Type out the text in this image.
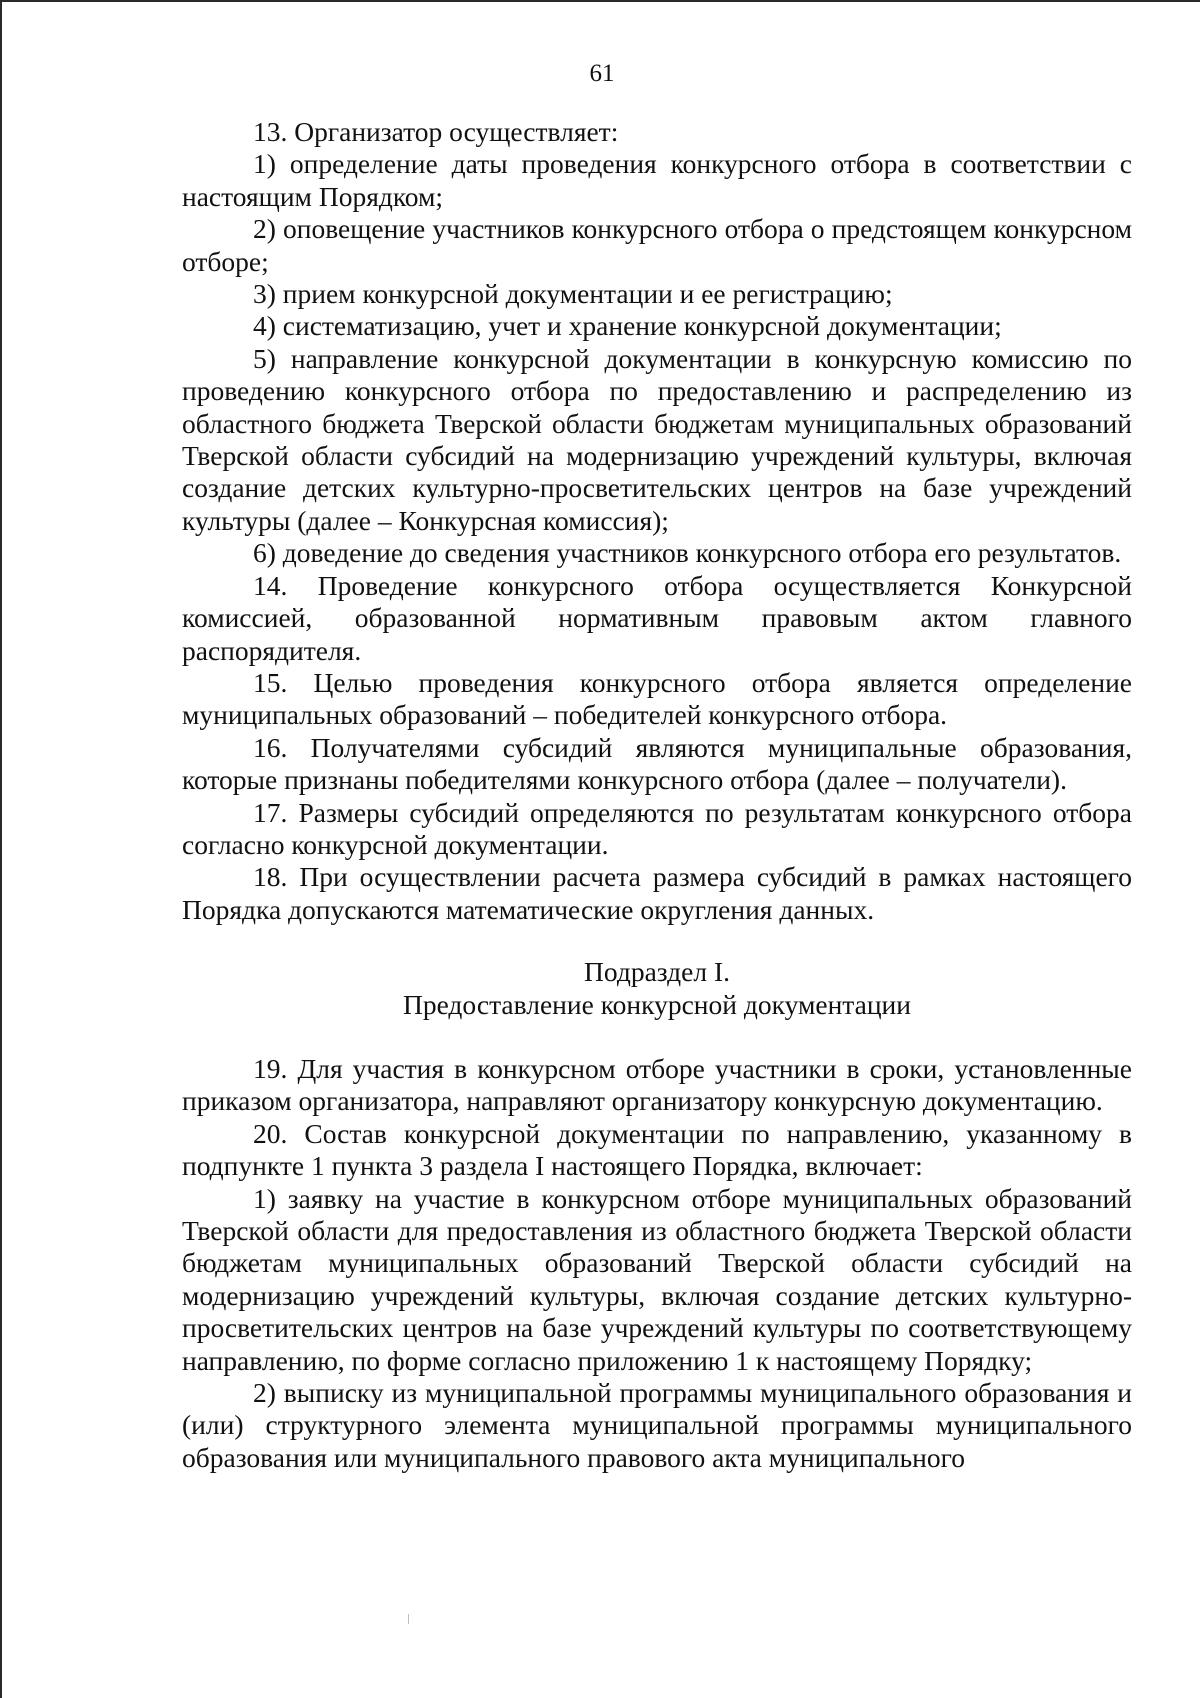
61

13. Организатор осуществляет:

1) определение даты проведения конкурсного отбора в соответствии с настоящим Порядком;

2) оповещение участников конкурсного отбора о предстоящем конкурсном отборе;

3) прием конкурсной документации и ее регистрацию;

4) систематизацию, учет и хранение конкурсной документации;

5) направление конкурсной документации в конкурсную комиссию по проведению конкурсного отбора по предоставлению и распределению из областного бюджета Тверской области бюджетам муниципальных образований Тверской области субсидий на модернизацию учреждений культуры, включая создание детских культурно-просветительских центров на базе учреждений культуры (далее – Конкурсная комиссия);

6) доведение до сведения участников конкурсного отбора его результатов.

14. Проведение конкурсного отбора осуществляется Конкурсной комиссией, образованной нормативным правовым актом главного распорядителя.

15. Целью проведения конкурсного отбора является определение муниципальных образований – победителей конкурсного отбора.

16. Получателями субсидий являются муниципальные образования, которые признаны победителями конкурсного отбора (далее – получатели).

17. Размеры субсидий определяются по результатам конкурсного отбора согласно конкурсной документации.

18. При осуществлении расчета размера субсидий в рамках настоящего Порядка допускаются математические округления данных.

Подраздел I.

Предоставление конкурсной документации

19. Для участия в конкурсном отборе участники в сроки, установленные приказом организатора, направляют организатору конкурсную документацию.

20. Состав конкурсной документации по направлению, указанному в подпункте 1 пункта 3 раздела I настоящего Порядка, включает:

1) заявку на участие в конкурсном отборе муниципальных образований Тверской области для предоставления из областного бюджета Тверской области бюджетам муниципальных образований Тверской области субсидий на модернизацию учреждений культуры, включая создание детских культурно-просветительских центров на базе учреждений культуры по соответствующему направлению, по форме согласно приложению 1 к настоящему Порядку;

2) выписку из муниципальной программы муниципального образования и (или) структурного элемента муниципальной программы муниципального образования или муниципального правового акта муниципального
